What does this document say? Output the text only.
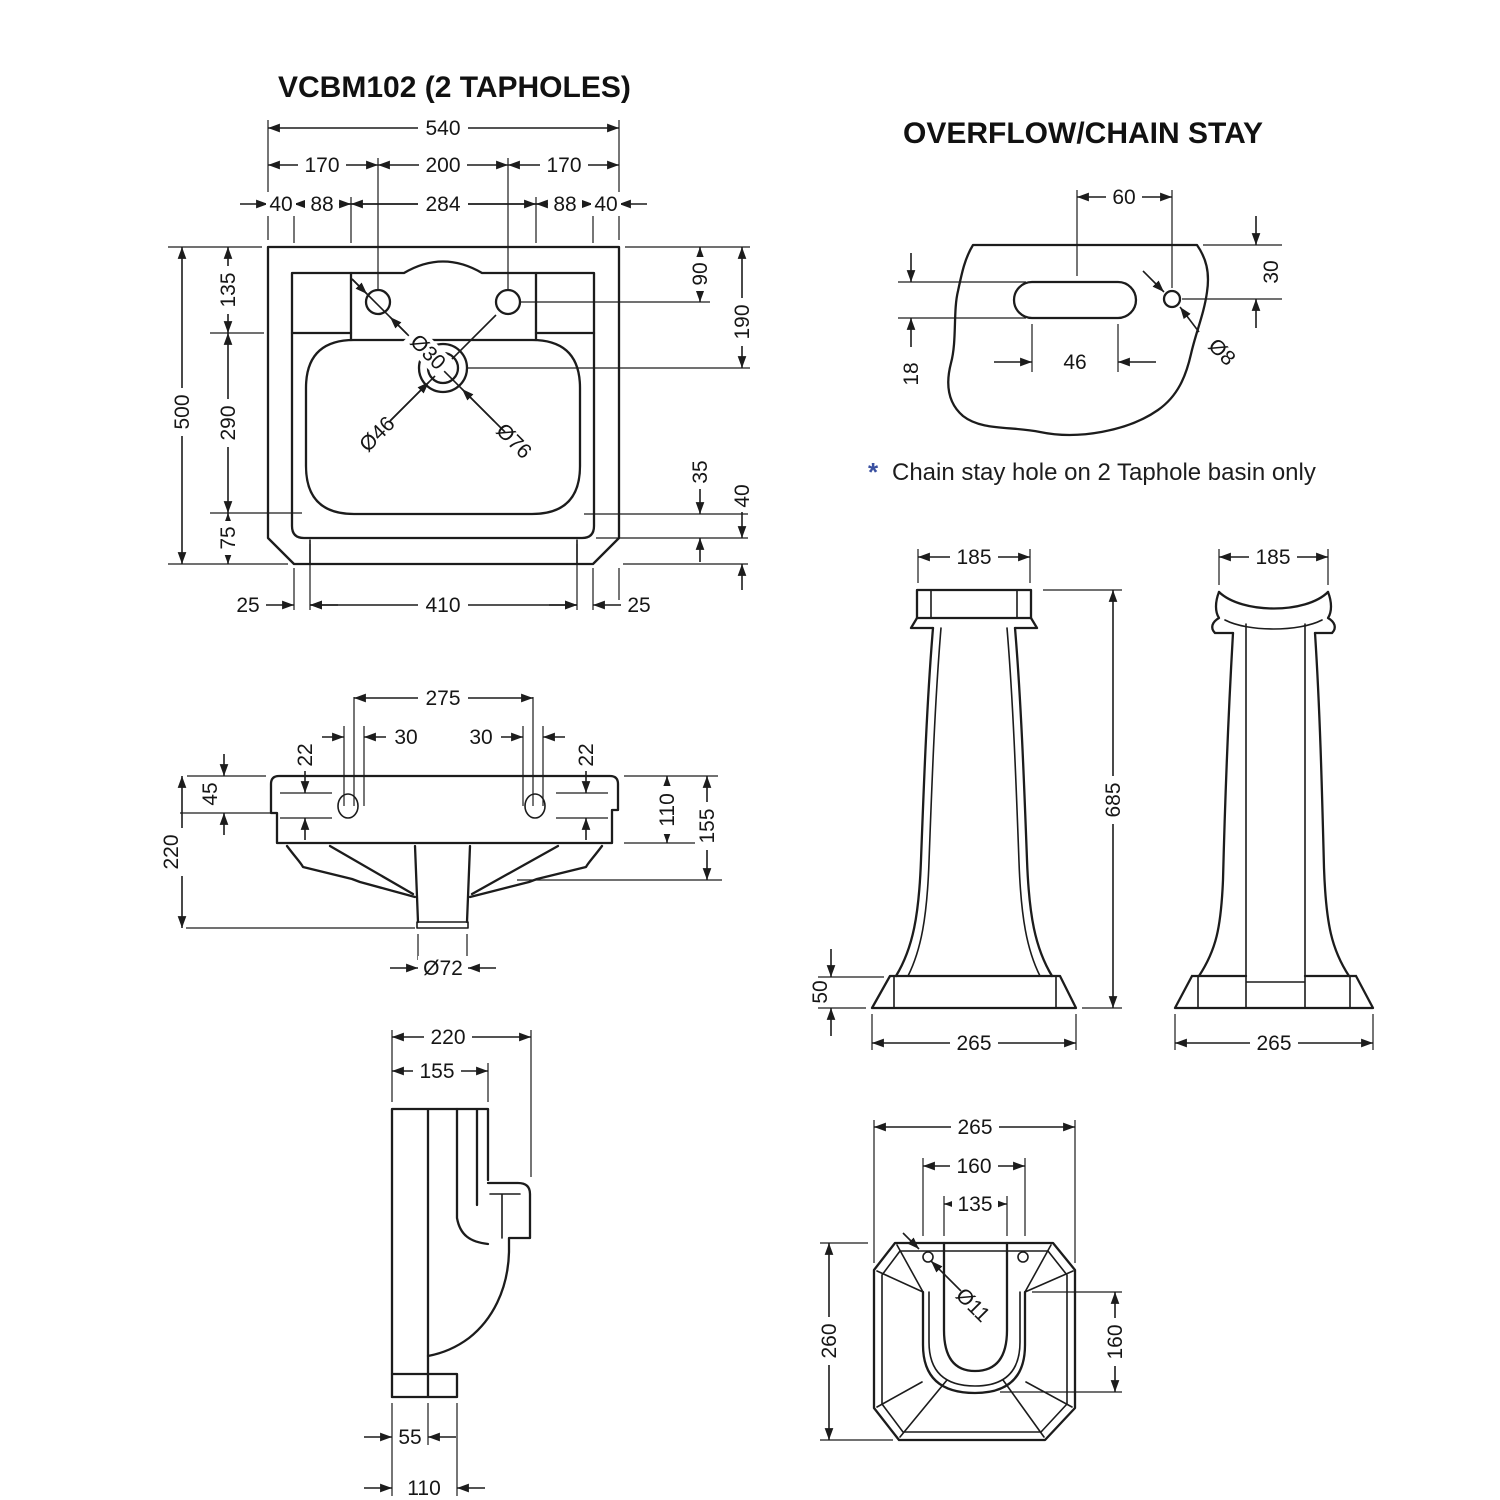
VCBM102 (2 TAPHOLES)
Ø30
Ø46	Ø76
540
170	200	170
40 88	284	88 40
90
190
35
40
135
290
75
500
25	410	25
OVERFLOW/CHAIN STAY
60
30
18	46	Ø8
* Chain stay hole on 2 Taphole basin only
275
30 30
22	22
45
220
110 155
Ø72
185
685
50
265
185
265
220
155
55
110
Ø11
265
160
135
260	160
